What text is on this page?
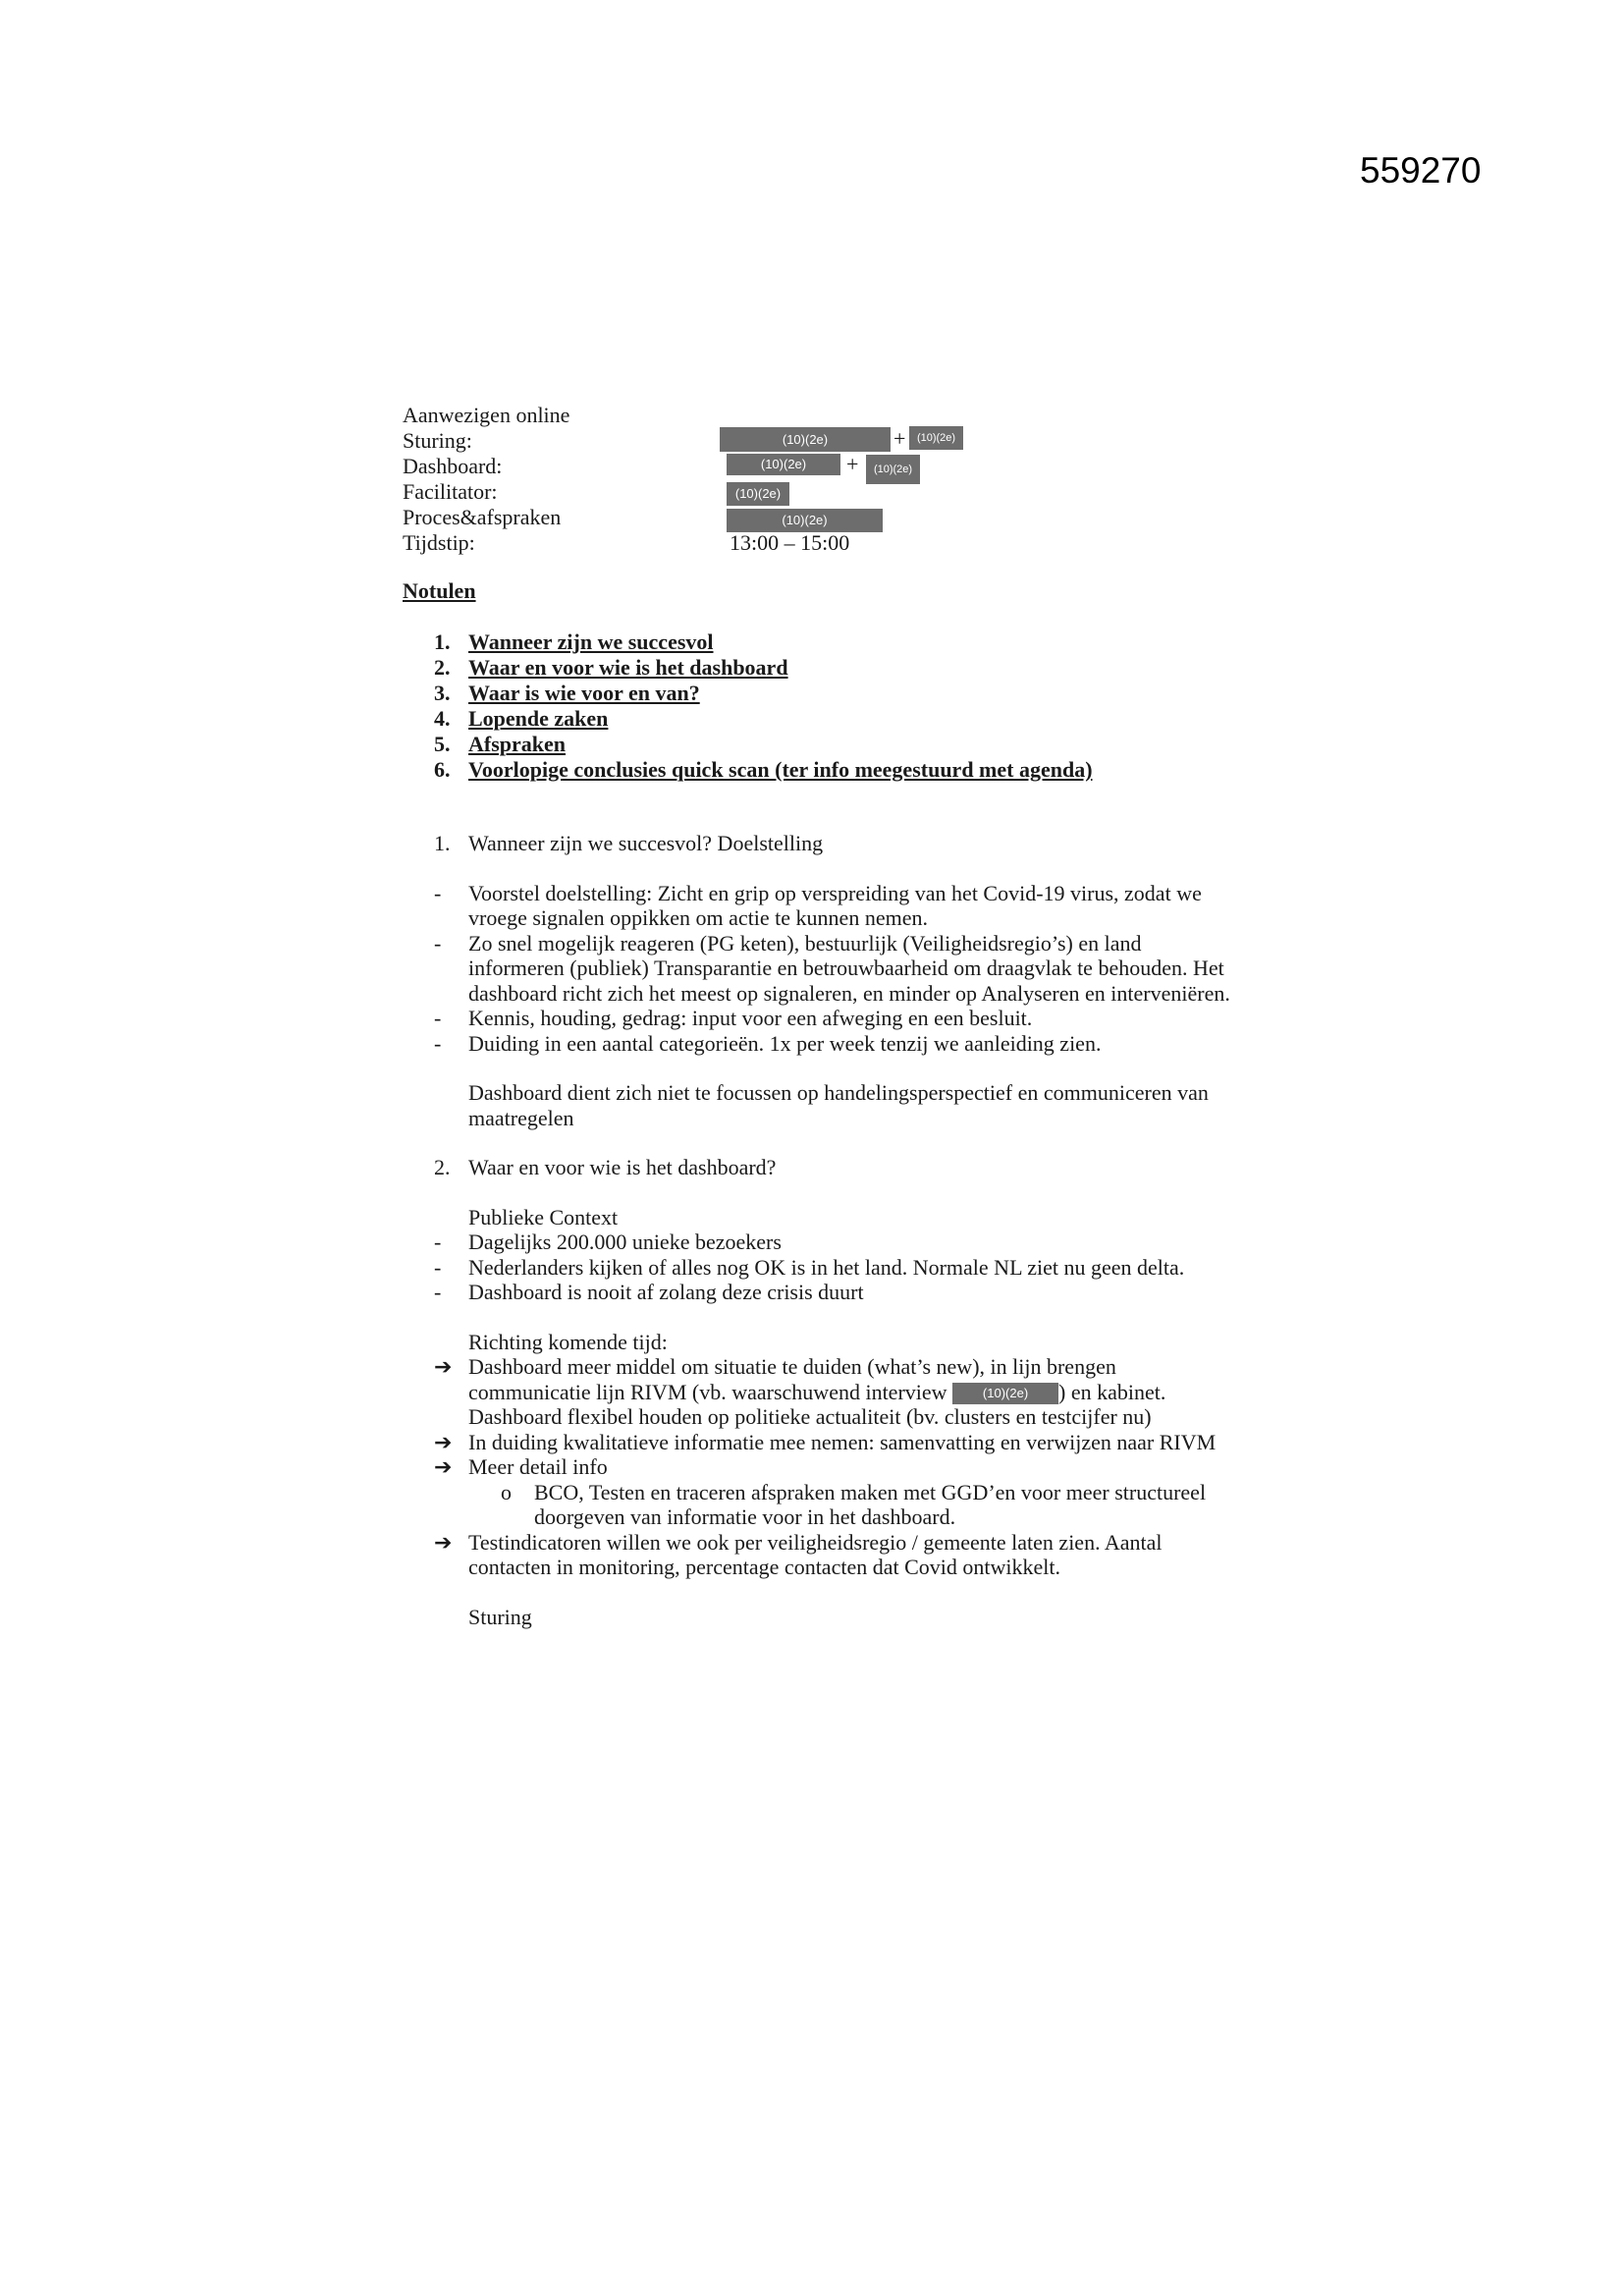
559270
Aanwezigen online
Sturing:	(10)(2e)	+	(10)(2e)
Dashboard:	(10)(2e)	+	(10)(2e)
Facilitator:	(10)(2e)
Proces&afspraken	(10)(2e)
Tijdstip:	13:00 – 15:00
Notulen
1. Wanneer zijn we succesvol
2. Waar en voor wie is het dashboard
3. Waar is wie voor en van?
4. Lopende zaken
5. Afspraken
6. Voorlopige conclusies quick scan (ter info meegestuurd met agenda)
1. Wanneer zijn we succesvol? Doelstelling
- Voorstel doelstelling: Zicht en grip op verspreiding van het Covid-19 virus, zodat we vroege signalen oppikken om actie te kunnen nemen.
- Zo snel mogelijk reageren (PG keten), bestuurlijk (Veiligheidsregio’s) en land informeren (publiek) Transparantie en betrouwbaarheid om draagvlak te behouden. Het dashboard richt zich het meest op signaleren, en minder op Analyseren en interveniëren.
- Kennis, houding, gedrag: input voor een afweging en een besluit.
- Duiding in een aantal categorieën. 1x per week tenzij we aanleiding zien.
Dashboard dient zich niet te focussen op handelingsperspectief en communiceren van maatregelen
2. Waar en voor wie is het dashboard?
Publieke Context
- Dagelijks 200.000 unieke bezoekers
- Nederlanders kijken of alles nog OK is in het land. Normale NL ziet nu geen delta.
- Dashboard is nooit af zolang deze crisis duurt
Richting komende tijd:
➔ Dashboard meer middel om situatie te duiden (what’s new), in lijn brengen communicatie lijn RIVM (vb. waarschuwend interview (10)(2e) ) en kabinet. Dashboard flexibel houden op politieke actualiteit (bv. clusters en testcijfer nu)
➔ In duiding kwalitatieve informatie mee nemen: samenvatting en verwijzen naar RIVM
➔ Meer detail info
o BCO, Testen en traceren afspraken maken met GGD’en voor meer structureel doorgeven van informatie voor in het dashboard.
➔ Testindicatoren willen we ook per veiligheidsregio / gemeente laten zien. Aantal contacten in monitoring, percentage contacten dat Covid ontwikkelt.
Sturing
